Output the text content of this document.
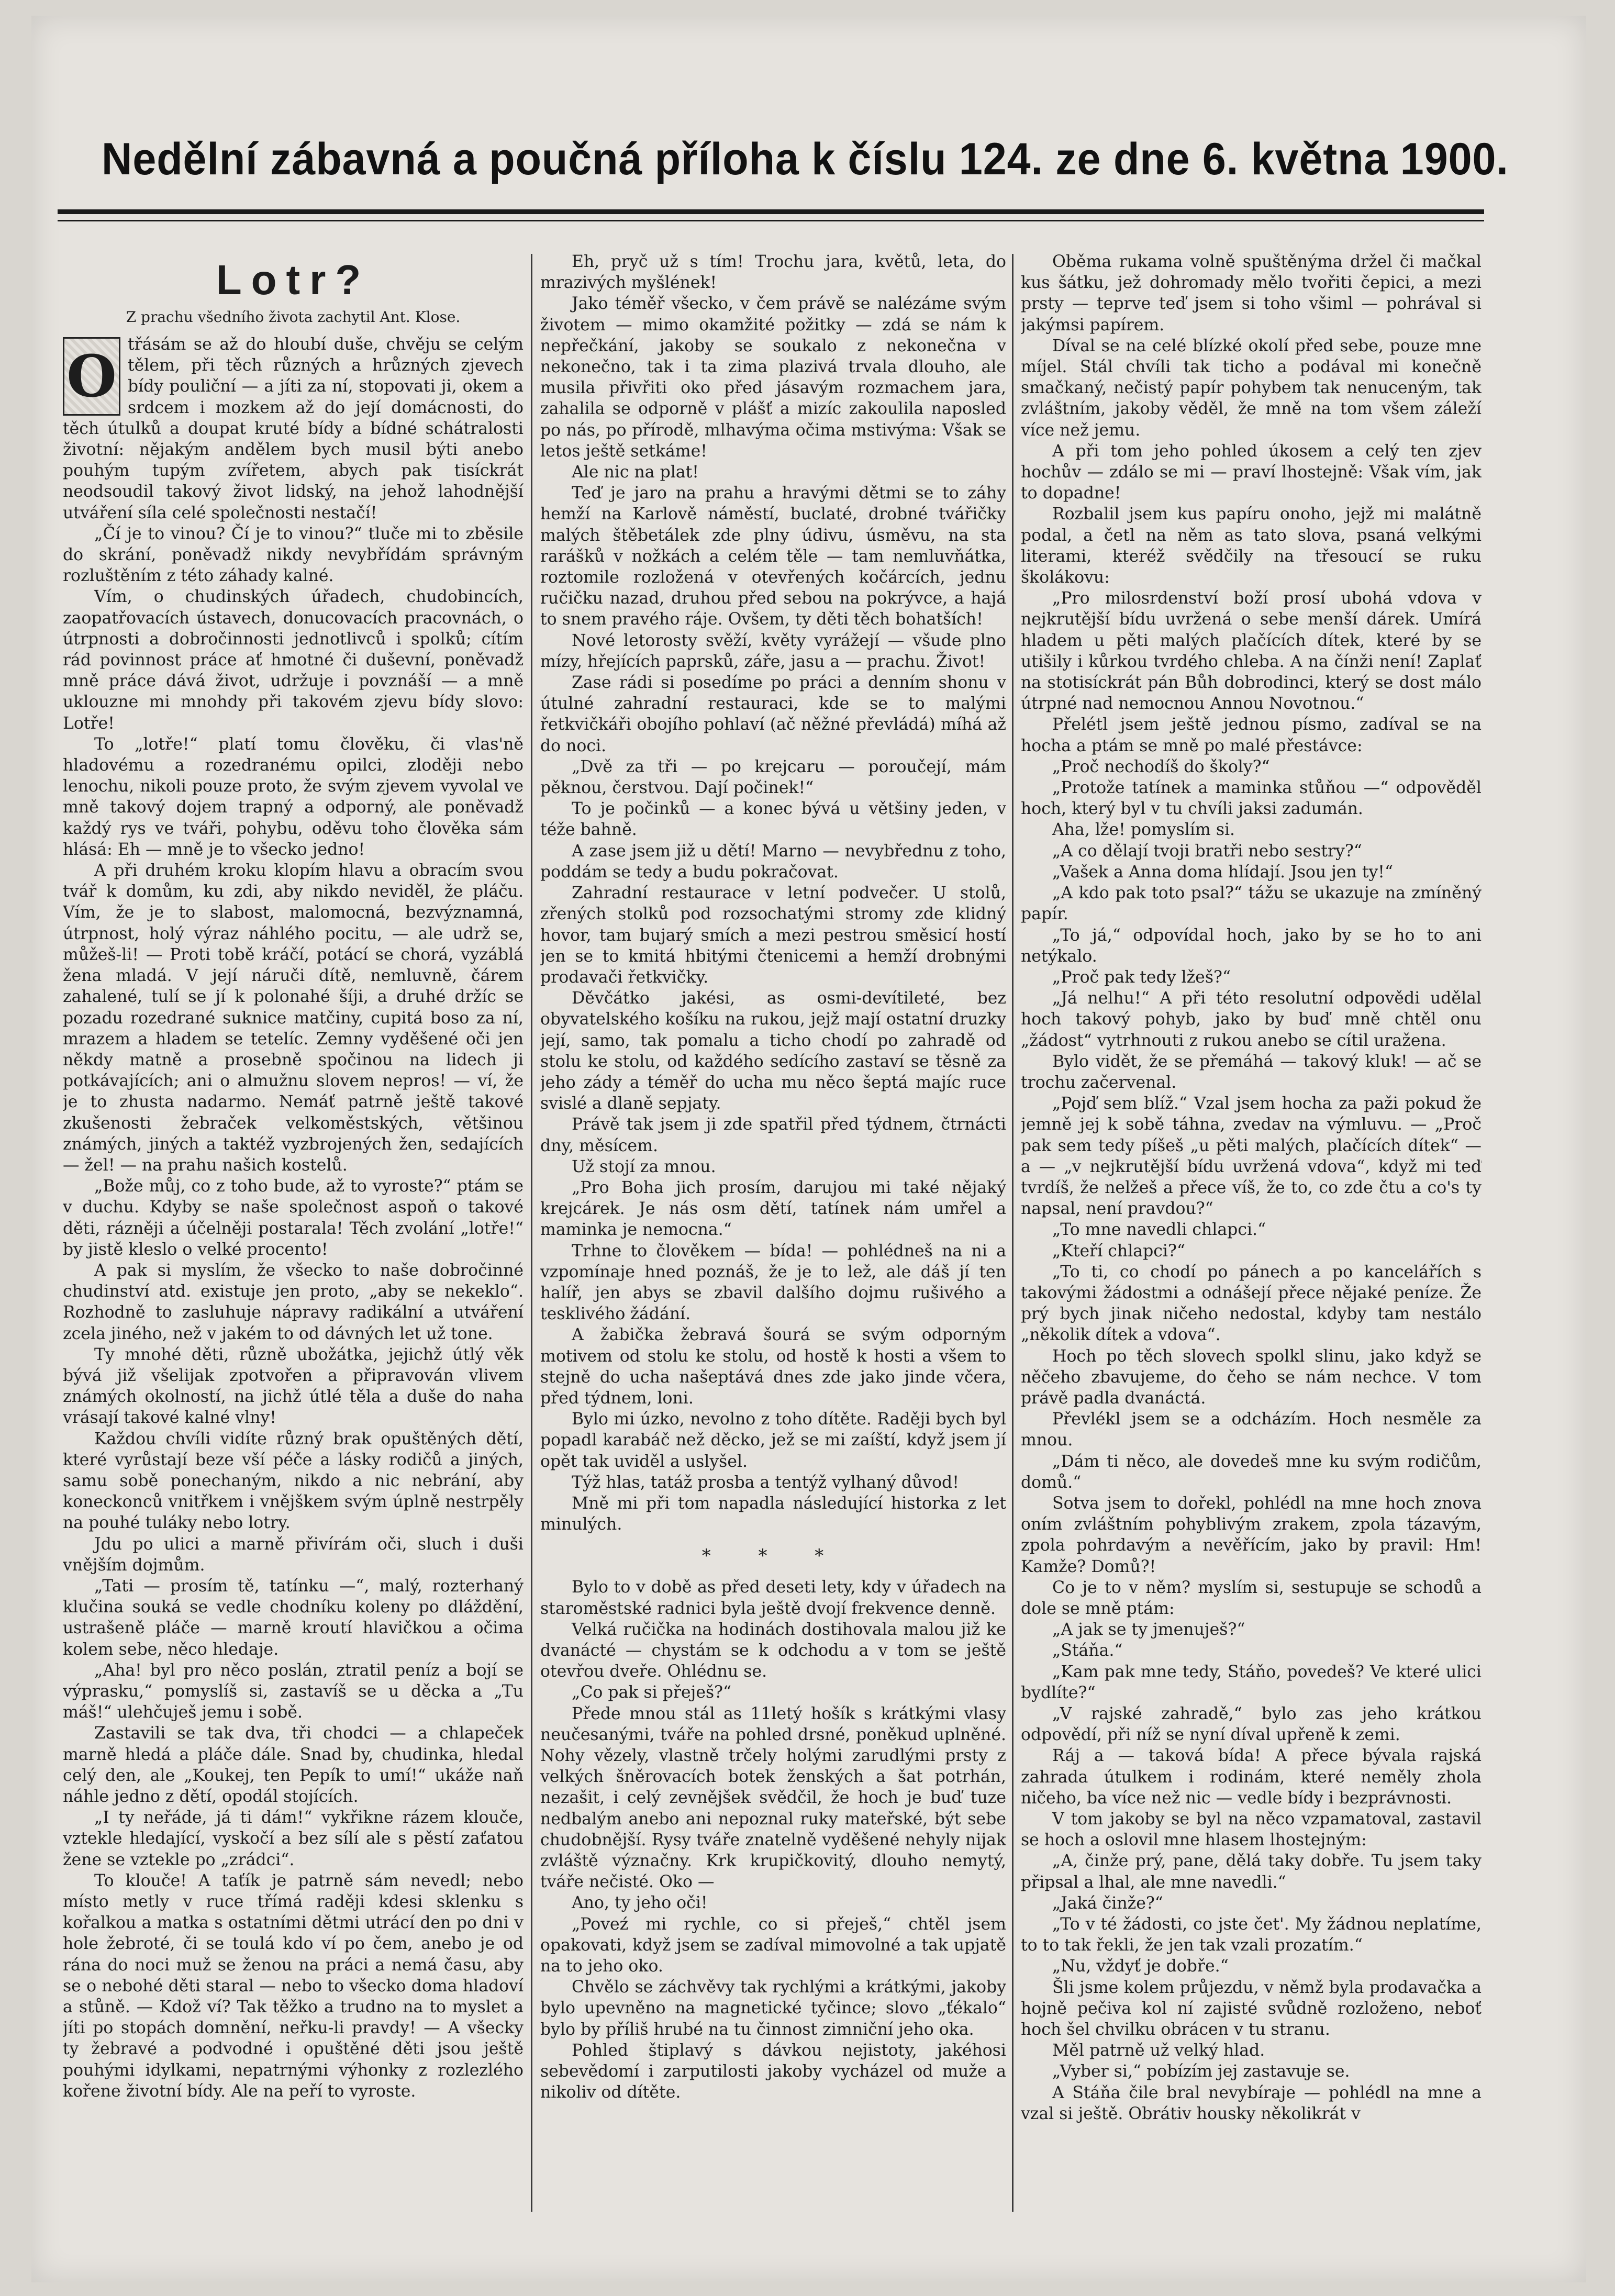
Nedělní zábavná a poučná příloha k číslu 124. ze dne 6. května 1900.
Lotr?
Z prachu všedního života zachytil Ant. Klose.
O třásám se až do hloubí duše, chvěju se celým tělem, při těch různých a hrůzných zjevech bídy pouliční — a jíti za ní, stopovati ji, okem a srdcem i mozkem až do její domácnosti, do těch útulků a doupat kruté bídy a bídné schátralosti životní: nějakým andělem bych musil býti anebo pouhým tupým zvířetem, abych pak tisíckrát neodsoudil takový život lidský, na jehož lahodnější utváření síla celé společnosti nestačí!

„Čí je to vinou? Čí je to vinou?“ tluče mi to zběsile do skrání, poněvadž nikdy nevybřídám správným rozluštěním z této záhady kalné.

Vím, o chudinských úřadech, chudobincích, zaopatřovacích ústavech, donucovacích pracovnách, o útrpnosti a dobročinnosti jednotlivců i spolků; cítím rád povinnost práce ať hmotné či duševní, poněvadž mně práce dává život, udržuje i povznáší — a mně uklouzne mi mnohdy při takovém zjevu bídy slovo: Lotře!

To „lotře!“ platí tomu člověku, či vlas'ně hladovému a rozedranému opilci, zloději nebo lenochu, nikoli pouze proto, že svým zjevem vyvolal ve mně takový dojem trapný a odporný, ale poněvadž každý rys ve tváři, pohybu, oděvu toho člověka sám hlásá: Eh — mně je to všecko jedno!

A při druhém kroku klopím hlavu a obracím svou tvář k domům, ku zdi, aby nikdo neviděl, že pláču. Vím, že je to slabost, malomocná, bezvýznamná, útrpnost, holý výraz náhlého pocitu, — ale udrž se, můžeš-li! — Proti tobě kráčí, potácí se chorá, vyzáblá žena mladá. V její náruči dítě, nemluvně, čárem zahalené, tulí se jí k polonahé šíji, a druhé držíc se pozadu rozedrané suknice matčiny, cupitá boso za ní, mrazem a hladem se tetelíc. Zemny vyděšené oči jen někdy matně a prosebně spočinou na lidech ji potkávajících; ani o almužnu slovem nepros! — ví, že je to zhusta nadarmo. Nemáť patrně ještě takové zkušenosti žebraček velkoměstských, většinou známých, jiných a taktéž vyzbrojených žen, sedajících — žel! — na prahu našich kostelů.

„Bože můj, co z toho bude, až to vyroste?“ ptám se v duchu. Kdyby se naše společnost aspoň o takové děti, rázněji a účelněji postarala! Těch zvolání „lotře!“ by jistě kleslo o velké procento!

A pak si myslím, že všecko to naše dobročinné chudinství atd. existuje jen proto, „aby se nekeklo“. Rozhodně to zasluhuje nápravy radikální a utváření zcela jiného, než v jakém to od dávných let už tone.

Ty mnohé děti, různě ubožátka, jejichž útlý věk bývá již všelijak zpotvořen a připravován vlivem známých okolností, na jichž útlé těla a duše do naha vrásají takové kalné vlny!

Každou chvíli vidíte různý brak opuštěných dětí, které vyrůstají beze vší péče a lásky rodičů a jiných, samu sobě ponechaným, nikdo a nic nebrání, aby koneckonců vnitřkem i vnějškem svým úplně nestrpěly na pouhé tuláky nebo lotry.

Jdu po ulici a marně přivírám oči, sluch i duši vnějším dojmům.

„Tati — prosím tě, tatínku —“, malý, rozterhaný klučina souká se vedle chodníku koleny po dláždění, ustrašeně pláče — marně kroutí hlavičkou a očima kolem sebe, něco hledaje.

„Aha! byl pro něco poslán, ztratil peníz a bojí se výprasku,“ pomyslíš si, zastavíš se u děcka a „Tu máš!“ ulehčuješ jemu i sobě.

Zastavili se tak dva, tři chodci — a chlapeček marně hledá a pláče dále. Snad by, chudinka, hledal celý den, ale „Koukej, ten Pepík to umí!“ ukáže naň náhle jedno z dětí, opodál stojících.

„I ty neřáde, já ti dám!“ vykřikne rázem klouče, vztekle hledající, vyskočí a bez sílí ale s pěstí zaťatou žene se vztekle po „zrádci“.

To klouče! A taťík je patrně sám nevedl; nebo místo metly v ruce třímá raději kdesi sklenku s kořalkou a matka s ostatními dětmi utrácí den po dni v hole žebroté, či se toulá kdo ví po čem, anebo je od rána do noci muž se ženou na práci a nemá času, aby se o nebohé děti staral — nebo to všecko doma hladoví a stůně. — Kdož ví? Tak těžko a trudno na to myslet a jíti po stopách domnění, neřku-li pravdy! — A všecky ty žebravé a podvodné i opuštěné děti jsou ještě pouhými idylkami, nepatrnými výhonky z rozlezlého kořene životní bídy. Ale na peří to vyroste.

Eh, pryč už s tím! Trochu jara, květů, leta, do mrazivých myšlének!

Jako téměř všecko, v čem právě se nalézáme svým životem — mimo okamžité požitky — zdá se nám k nepřečkání, jakoby se soukalo z nekonečna v nekonečno, tak i ta zima plazivá trvala dlouho, ale musila přivřiti oko před jásavým rozmachem jara, zahalila se odporně v plášť a mizíc zakoulila naposled po nás, po přírodě, mlhavýma očima mstivýma: Však se letos ještě setkáme!

Ale nic na plat!

Teď je jaro na prahu a hravými dětmi se to záhy hemží na Karlově náměstí, buclaté, drobné tvářičky malých štěbetálek zde plny údivu, úsměvu, na sta rarášků v nožkách a celém těle — tam nemluvňátka, roztomile rozložená v otevřených kočárcích, jednu ručičku nazad, druhou před sebou na pokrývce, a hajá to snem pravého ráje. Ovšem, ty děti těch bohatších!

Nové letorosty svěží, květy vyrážejí — všude plno mízy, hřejících paprsků, záře, jasu a — prachu. Život!

Zase rádi si posedíme po práci a denním shonu v útulné zahradní restauraci, kde se to malými řetkvičkáři obojího pohlaví (ač něžné převládá) míhá až do noci.

„Dvě za tři — po krejcaru — poroučejí, mám pěknou, čerstvou. Dají počinek!“

To je počinků — a konec bývá u většiny jeden, v téže bahně.

A zase jsem již u dětí! Marno — nevybřednu z toho, poddám se tedy a budu pokračovat.

Zahradní restaurace v letní podvečer. U stolů, zřených stolků pod rozsochatými stromy zde klidný hovor, tam bujarý smích a mezi pestrou směsicí hostí jen se to kmitá hbitými čtenicemi a hemží drobnými prodavači řetkvičky.

Děvčátko jakési, as osmi-devítileté, bez obyvatelského košíku na rukou, jejž mají ostatní druzky její, samo, tak pomalu a ticho chodí po zahradě od stolu ke stolu, od každého sedícího zastaví se těsně za jeho zády a téměř do ucha mu něco šeptá majíc ruce svislé a dlaně sepjaty.

Právě tak jsem ji zde spatřil před týdnem, čtrnácti dny, měsícem.

Už stojí za mnou.

„Pro Boha jich prosím, darujou mi také nějaký krejcárek. Je nás osm dětí, tatínek nám umřel a maminka je nemocna.“

Trhne to člověkem — bída! — pohlédneš na ni a vzpomínaje hned poznáš, že je to lež, ale dáš jí ten halíř, jen abys se zbavil dalšího dojmu rušivého a tesklivého žádání.

A žabička žebravá šourá se svým odporným motivem od stolu ke stolu, od hostě k hosti a všem to stejně do ucha našeptává dnes zde jako jinde včera, před týdnem, loni.

Bylo mi úzko, nevolno z toho dítěte. Raději bych byl popadl karabáč než děcko, jež se mi zaíští, když jsem jí opět tak uviděl a uslyšel.

Týž hlas, tatáž prosba a tentýž vylhaný důvod!

Mně mi při tom napadla následující historka z let minulých.

* * *

Bylo to v době as před deseti lety, kdy v úřadech na staroměstské radnici byla ještě dvojí frekvence denně.

Velká ručička na hodinách dostihovala malou již ke dvanácté — chystám se k odchodu a v tom se ještě otevřou dveře. Ohlédnu se.

„Co pak si přeješ?“

Přede mnou stál as 11letý hošík s krátkými vlasy neučesanými, tváře na pohled drsné, poněkud uplněné. Nohy vězely, vlastně trčely holými zarudlými prsty z velkých šněrovacích botek ženských a šat potrhán, nezašit, i celý zevnějšek svědčil, že hoch je buď tuze nedbalým anebo ani nepoznal ruky mateřské, být sebe chudobnější. Rysy tváře znatelně vyděšené nehyly nijak zvláště význačny. Krk krupičkovitý, dlouho nemytý, tváře nečisté. Oko —

Ano, ty jeho oči!

„Poveź mi rychle, co si přeješ,“ chtěl jsem opakovati, když jsem se zadíval mimovolné a tak upjatě na to jeho oko.

Chvělo se záchvěvy tak rychlými a krátkými, jakoby bylo upevněno na magnetické tyčince; slovo „ťékalo“ bylo by příliš hrubé na tu činnost zimniční jeho oka.

Pohled štiplavý s dávkou nejistoty, jakéhosi sebevědomí i zarputilosti jakoby vycházel od muže a nikoliv od dítěte.

Oběma rukama volně spuštěnýma držel či mačkal kus šátku, jež dohromady mělo tvořiti čepici, a mezi prsty — teprve teď jsem si toho všiml — pohrával si jakýmsi papírem.

Díval se na celé blízké okolí před sebe, pouze mne míjel. Stál chvíli tak ticho a podával mi konečně smačkaný, nečistý papír pohybem tak nenuceným, tak zvláštním, jakoby věděl, že mně na tom všem záleží více než jemu.

A při tom jeho pohled úkosem a celý ten zjev hochův — zdálo se mi — praví lhostejně: Však vím, jak to dopadne!

Rozbalil jsem kus papíru onoho, jejž mi malátně podal, a četl na něm as tato slova, psaná velkými literami, kteréž svědčily na třesoucí se ruku školákovu:

„Pro milosrdenství boží prosí ubohá vdova v nejkrutější bídu uvržená o sebe menší dárek. Umírá hladem u pěti malých plačících dítek, které by se utišily i kůrkou tvrdého chleba. A na čínži není! Zaplať na stotisíckrát pán Bůh dobrodinci, který se dost málo útrpné nad nemocnou Annou Novotnou.“

Přelétl jsem ještě jednou písmo, zadíval se na hocha a ptám se mně po malé přestávce:

„Proč nechodíš do školy?“

„Protože tatínek a maminka stůňou —“ odpověděl hoch, který byl v tu chvíli jaksi zadumán.

Aha, lže! pomyslím si.

„A co dělají tvoji bratři nebo sestry?“

„Vašek a Anna doma hlídají. Jsou jen ty!“

„A kdo pak toto psal?“ tážu se ukazuje na zmíněný papír.

„To já,“ odpovídal hoch, jako by se ho to ani netýkalo.

„Proč pak tedy lžeš?“

„Já nelhu!“ A při této resolutní odpovědi udělal hoch takový pohyb, jako by buď mně chtěl onu „žádost“ vytrhnouti z rukou anebo se cítil uražena.

Bylo vidět, že se přemáhá — takový kluk! — ač se trochu začervenal.

„Pojď sem blíž.“ Vzal jsem hocha za paži pokud že jemně jej k sobě táhna, zvedav na výmluvu. — „Proč pak sem tedy píšeš „u pěti malých, plačících dítek“ — a — „v nejkrutější bídu uvržená vdova“, když mi teď tvrdíš, že nelžeš a přece víš, že to, co zde čtu a co's ty napsal, není pravdou?“

„To mne navedli chlapci.“

„Kteří chlapci?“

„To ti, co chodí po pánech a po kancelářích s takovými žádostmi a odnášejí přece nějaké peníze. Že prý bych jinak ničeho nedostal, kdyby tam nestálo „několik dítek a vdova“.

Hoch po těch slovech spolkl slinu, jako když se něčeho zbavujeme, do čeho se nám nechce. V tom právě padla dvanáctá.

Převlékl jsem se a odcházím. Hoch nesměle za mnou.

„Dám ti něco, ale dovedeš mne ku svým rodičům, domů.“

Sotva jsem to dořekl, pohlédl na mne hoch znova oním zvláštním pohyblivým zrakem, zpola tázavým, zpola pohrdavým a nevěřícím, jako by pravil: Hm! Kamže? Domů?!

Co je to v něm? myslím si, sestupuje se schodů a dole se mně ptám:

„A jak se ty jmenuješ?“

„Stáňa.“

„Kam pak mne tedy, Stáňo, povedeš? Ve které ulici bydlíte?“

„V rajské zahradě,“ bylo zas jeho krátkou odpovědí, při níž se nyní díval upřeně k zemi.

Ráj a — taková bída! A přece bývala rajská zahrada útulkem i rodinám, které neměly zhola ničeho, ba více než nic — vedle bídy i bezprávnosti.

V tom jakoby se byl na něco vzpamatoval, zastavil se hoch a oslovil mne hlasem lhostejným:

„A, činže prý, pane, dělá taky dobře. Tu jsem taky připsal a lhal, ale mne navedli.“

„Jaká činže?“

„To v té žádosti, co jste čet'. My žádnou neplatíme, to to tak řekli, že jen tak vzali prozatím.“

„Nu, vždyť je dobře.“

Šli jsme kolem průjezdu, v němž byla prodavačka a hojně pečiva kol ní zajisté svůdně rozloženo, neboť hoch šel chvilku obrácen v tu stranu.

Měl patrně už velký hlad.

„Vyber si,“ pobízím jej zastavuje se.

A Stáňa čile bral nevybíraje — pohlédl na mne a vzal si ještě. Obrátiv housky několikrát v
